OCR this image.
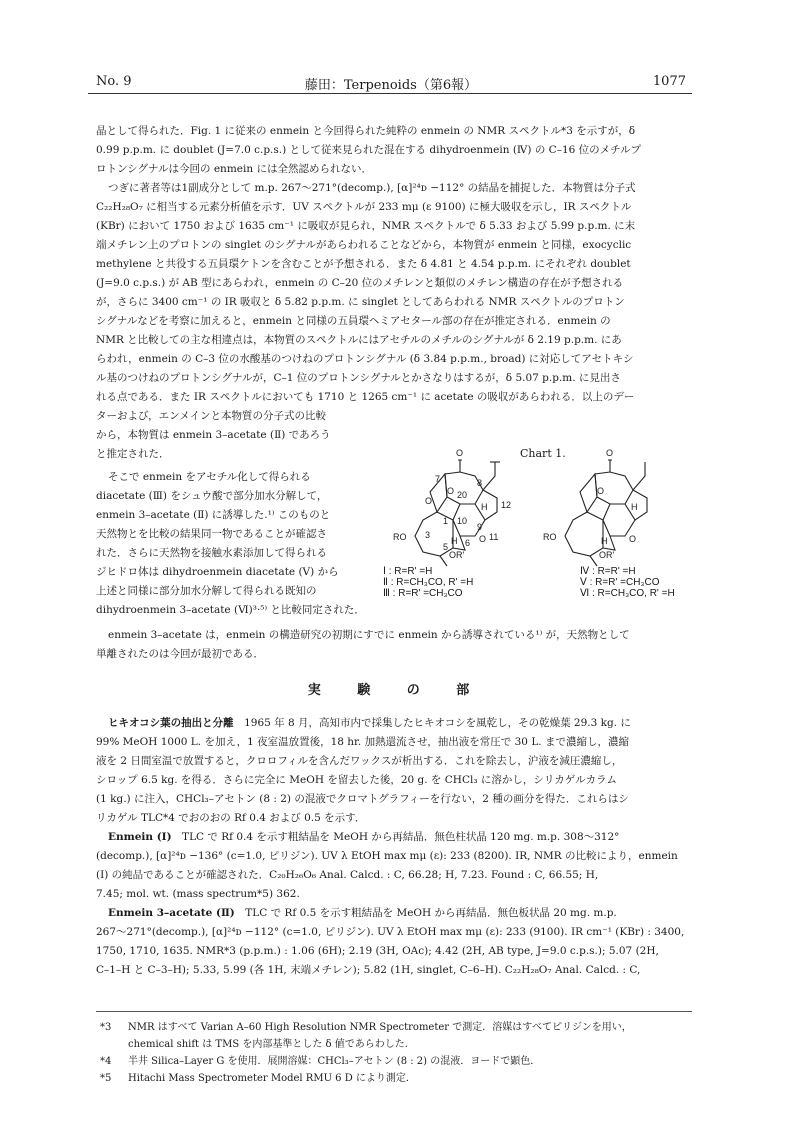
No. 9	藤田：Terpenoids（第6報）	1077
晶として得られた．Fig. 1 に従来の enmein と今回得られた純粋の enmein の NMR スペクトル*3 を示すが，δ
0.99 p.p.m. に doublet (J=7.0 c.p.s.) として従来見られた混在する dihydroenmein (Ⅳ) の C–16 位のメチルプ
ロトンシグナルは今回の enmein には全然認められない．
つぎに著者等は1副成分として m.p. 267～271°(decomp.), [α]²⁴ᴅ −112° の結晶を捕捉した．本物質は分子式
C₂₂H₂₈O₇ に相当する元素分析値を示す．UV スペクトルが 233 mμ (ε 9100) に極大吸収を示し，IR スペクトル
(KBr) において 1750 および 1635 cm⁻¹ に吸収が見られ，NMR スペクトルで δ 5.33 および 5.99 p.p.m. に末
端メチレン上のプロトンの singlet のシグナルがあらわれることなどから，本物質が enmein と同様，exocyclic
methylene と共役する五員環ケトンを含むことが予想される．また δ 4.81 と 4.54 p.p.m. にそれぞれ doublet
(J=9.0 c.p.s.) が AB 型にあらわれ，enmein の C–20 位のメチレンと類似のメチレン構造の存在が予想される
が，さらに 3400 cm⁻¹ の IR 吸収と δ 5.82 p.p.m. に singlet としてあらわれる NMR スペクトルのプロトン
シグナルなどを考察に加えると，enmein と同様の五員環ヘミアセタール部の存在が推定される．enmein の
NMR と比較しての主な相違点は，本物質のスペクトルにはアセチルのメチルのシグナルが δ 2.19 p.p.m. にあ
らわれ，enmein の C–3 位の水酸基のつけねのプロトンシグナル (δ 3.84 p.p.m., broad) に対応してアセトキシ
ル基のつけねのプロトンシグナルが，C–1 位のプロトンシグナルとかさなりはするが，δ 5.07 p.p.m. に見出さ
れる点である．また IR スペクトルにおいても 1710 と 1265 cm⁻¹ に acetate の吸収があらわれる．以上のデー
ターおよび，エンメインと本物質の分子式の比較
から，本物質は enmein 3–acetate (Ⅱ) であろう
と推定された．
そこで enmein をアセチル化して得られる
diacetate (Ⅲ) をシュウ酸で部分加水分解して，
enmein 3–acetate (Ⅱ) に誘導した.¹⁾ このものと
天然物とを比較の結果同一物であることが確認さ
れた．さらに天然物を接触水素添加して得られる
ジヒドロ体は dihydroenmein diacetate (Ⅴ) から
上述と同様に部分加水分解して得られる既知の
dihydroenmein 3–acetate (Ⅵ)³·⁵⁾ と比較同定された．
Chart 1.
O
O
7
O
8
20
H 12
1 10
9
O 11
RO 3
5
H 6
OR'
O
O
H
RO	H O
OR'
Ⅰ : R=R' =H
Ⅱ : R=CH₃CO, R' =H
Ⅲ : R=R' =CH₃CO
Ⅳ : R=R' =H
Ⅴ : R=R' =CH₃CO
Ⅵ : R=CH₃CO, R' =H
enmein 3–acetate は，enmein の構造研究の初期にすでに enmein から誘導されている¹⁾ が，天然物として
単離されたのは今回が最初である．
実 験 の 部
ヒキオコシ葉の抽出と分離　1965 年 8 月，高知市内で採集したヒキオコシを風乾し，その乾燥葉 29.3 kg. に
99% MeOH 1000 L. を加え，1 夜室温放置後，18 hr. 加熱還流させ，抽出液を常圧で 30 L. まで濃縮し，濃縮
液を 2 日間室温で放置すると，クロロフィルを含んだワックスが析出する．これを除去し，沪液を減圧濃縮し，
シロップ 6.5 kg. を得る．さらに完全に MeOH を留去した後，20 g. を CHCl₃ に溶かし，シリカゲルカラム
(1 kg.) に注入，CHCl₃–アセトン (8 : 2) の混液でクロマトグラフィーを行ない，2 種の画分を得た．これらはシ
リカゲル TLC*4 でおのおの Rf 0.4 および 0.5 を示す．
Enmein (Ⅰ)　TLC で Rf 0.4 を示す粗結晶を MeOH から再結晶．無色柱状晶 120 mg. m.p. 308～312°
(decomp.), [α]²⁴ᴅ −136° (c=1.0, ピリジン). UV λ EtOH max mμ (ε): 233 (8200). IR, NMR の比較により，enmein
(Ⅰ) の純品であることが確認された．C₂₀H₂₆O₆ Anal. Calcd. : C, 66.28; H, 7.23. Found : C, 66.55; H,
7.45; mol. wt. (mass spectrum*5) 362.
Enmein 3–acetate (Ⅱ)　TLC で Rf 0.5 を示す粗結晶を MeOH から再結晶．無色板状晶 20 mg. m.p.
267～271°(decomp.), [α]²⁴ᴅ −112° (c=1.0, ピリジン). UV λ EtOH max mμ (ε): 233 (9100). IR cm⁻¹ (KBr) : 3400,
1750, 1710, 1635. NMR*3 (p.p.m.) : 1.06 (6H); 2.19 (3H, OAc); 4.42 (2H, AB type, J=9.0 c.p.s.); 5.07 (2H,
C–1–H と C–3–H); 5.33, 5.99 (各 1H, 末端メチレン); 5.82 (1H, singlet, C–6–H). C₂₂H₂₈O₇ Anal. Calcd. : C,
*3 NMR はすべて Varian A–60 High Resolution NMR Spectrometer で測定．溶媒はすべてピリジンを用い，
chemical shift は TMS を内部基準とした δ 値であらわした．
*4 半井 Silica–Layer G を使用．展開溶媒：CHCl₃–アセトン (8 : 2) の混液．ヨードで顕色．
*5 Hitachi Mass Spectrometer Model RMU 6 D により測定．
